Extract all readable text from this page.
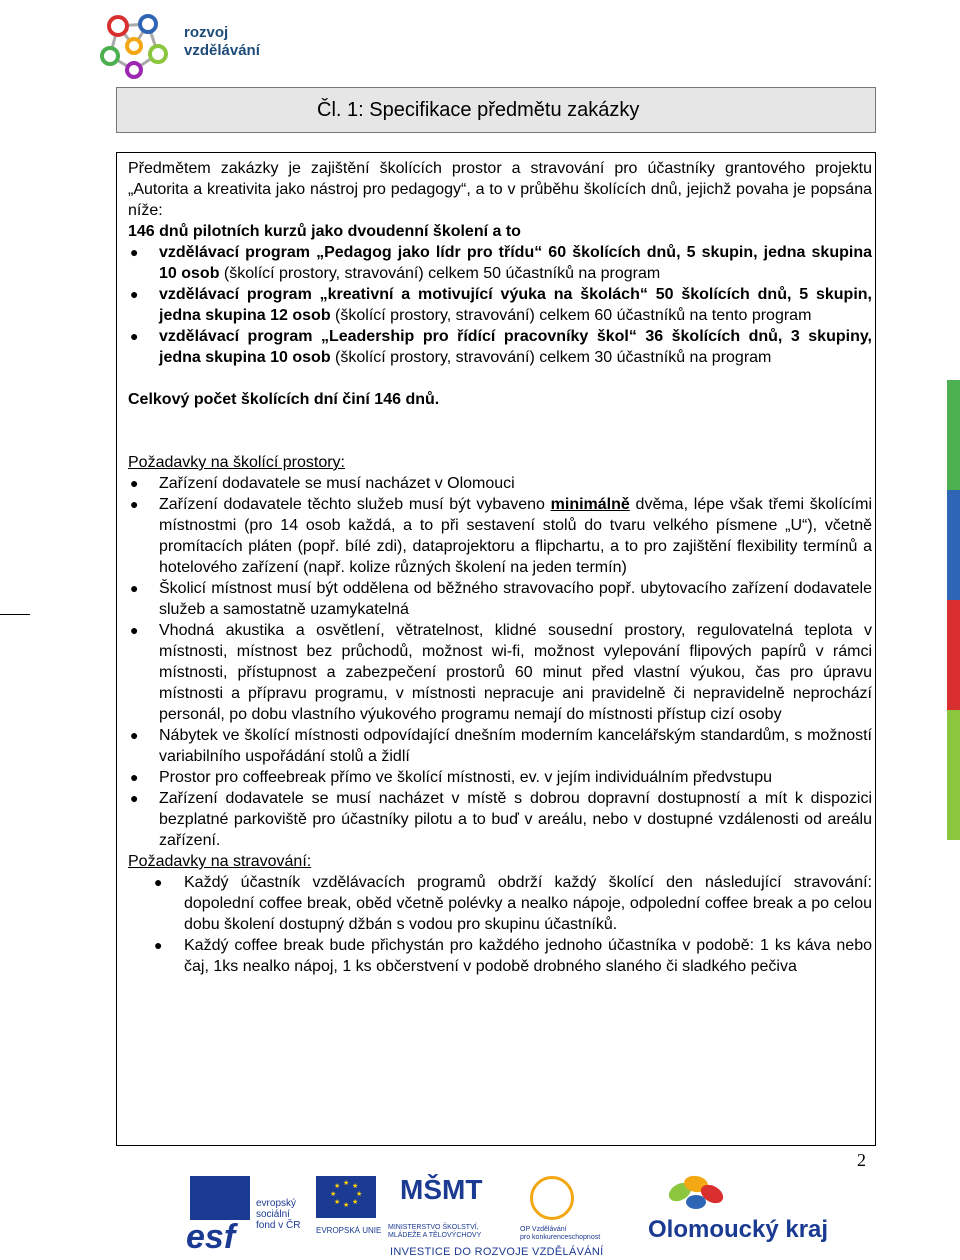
rozvoj
vzdělávání
Čl. 1: Specifikace předmětu zakázky

Předmětem zakázky je zajištění školících prostor a stravování pro účastníky grantového projektu „Autorita a kreativita jako nástroj pro pedagogy“, a to v průběhu školících dnů, jejichž povaha je popsána níže:

146 dnů pilotních kurzů jako dvoudenní školení a to

● vzdělávací program „Pedagog jako lídr pro třídu“ 60 školících dnů, 5 skupin, jedna skupina 10 osob (školící prostory, stravování) celkem 50 účastníků na program
● vzdělávací program „kreativní a motivující výuka na školách“ 50 školících dnů, 5 skupin, jedna skupina 12 osob (školící prostory, stravování) celkem 60 účastníků na tento program
● vzdělávací program „Leadership pro řídící pracovníky škol“ 36 školících dnů, 3 skupiny, jedna skupina 10 osob (školící prostory, stravování) celkem 30 účastníků na program

Celkový počet školících dní činí 146 dnů.

Požadavky na školící prostory:

● Zařízení dodavatele se musí nacházet v Olomouci
● Zařízení dodavatele těchto služeb musí být vybaveno minimálně dvěma, lépe však třemi školícími místnostmi (pro 14 osob každá, a to při sestavení stolů do tvaru velkého písmene „U“), včetně promítacích pláten (popř. bílé zdi), dataprojektoru a flipchartu, a to pro zajištění flexibility termínů a hotelového zařízení (např. kolize různých školení na jeden termín)
● Školicí místnost musí být oddělena od běžného stravovacího popř. ubytovacího zařízení dodavatele služeb a samostatně uzamykatelná
● Vhodná akustika a osvětlení, větratelnost, klidné sousední prostory, regulovatelná teplota v místnosti, místnost bez průchodů, možnost wi-fi, možnost vylepování flipových papírů v rámci místnosti, přístupnost a zabezpečení prostorů 60 minut před vlastní výukou, čas pro úpravu místnosti a přípravu programu, v místnosti nepracuje ani pravidelně či nepravidelně neprochází personál, po dobu vlastního výukového programu nemají do místnosti přístup cizí osoby
● Nábytek ve školící místnosti odpovídající dnešním moderním kancelářským standardům, s možností variabilního uspořádání stolů a židlí
● Prostor pro coffeebreak přímo ve školící místnosti, ev. v jejím individuálním předvstupu
● Zařízení dodavatele se musí nacházet v místě s dobrou dopravní dostupností a mít k dispozici bezplatné parkoviště pro účastníky pilotu a to buď v areálu, nebo v dostupné vzdálenosti od areálu zařízení.

Požadavky na stravování:

● Každý účastník vzdělávacích programů obdrží každý školící den následující stravování: dopolední coffee break, oběd včetně polévky a nealko nápoje, odpolední coffee break a po celou dobu školení dostupný džbán s vodou pro skupinu účastníků.
● Každý coffee break bude přichystán pro každého jednoho účastníka v podobě: 1 ks káva nebo čaj, 1ks nealko nápoj, 1 ks občerstvení v podobě drobného slaného či sladkého pečiva
2
esf
evropský
sociální
fond v ČR
★ ★
★
★
★
★
★
★
EVROPSKÁ UNIE
MŠMT
MINISTERSTVO ŠKOLSTVÍ,
MLÁDEŽE A TĚLOVÝCHOVY
OP Vzdělávání
pro konkurenceschopnost Olomoucký kraj
INVESTICE DO ROZVOJE VZDĚLÁVÁNÍ
